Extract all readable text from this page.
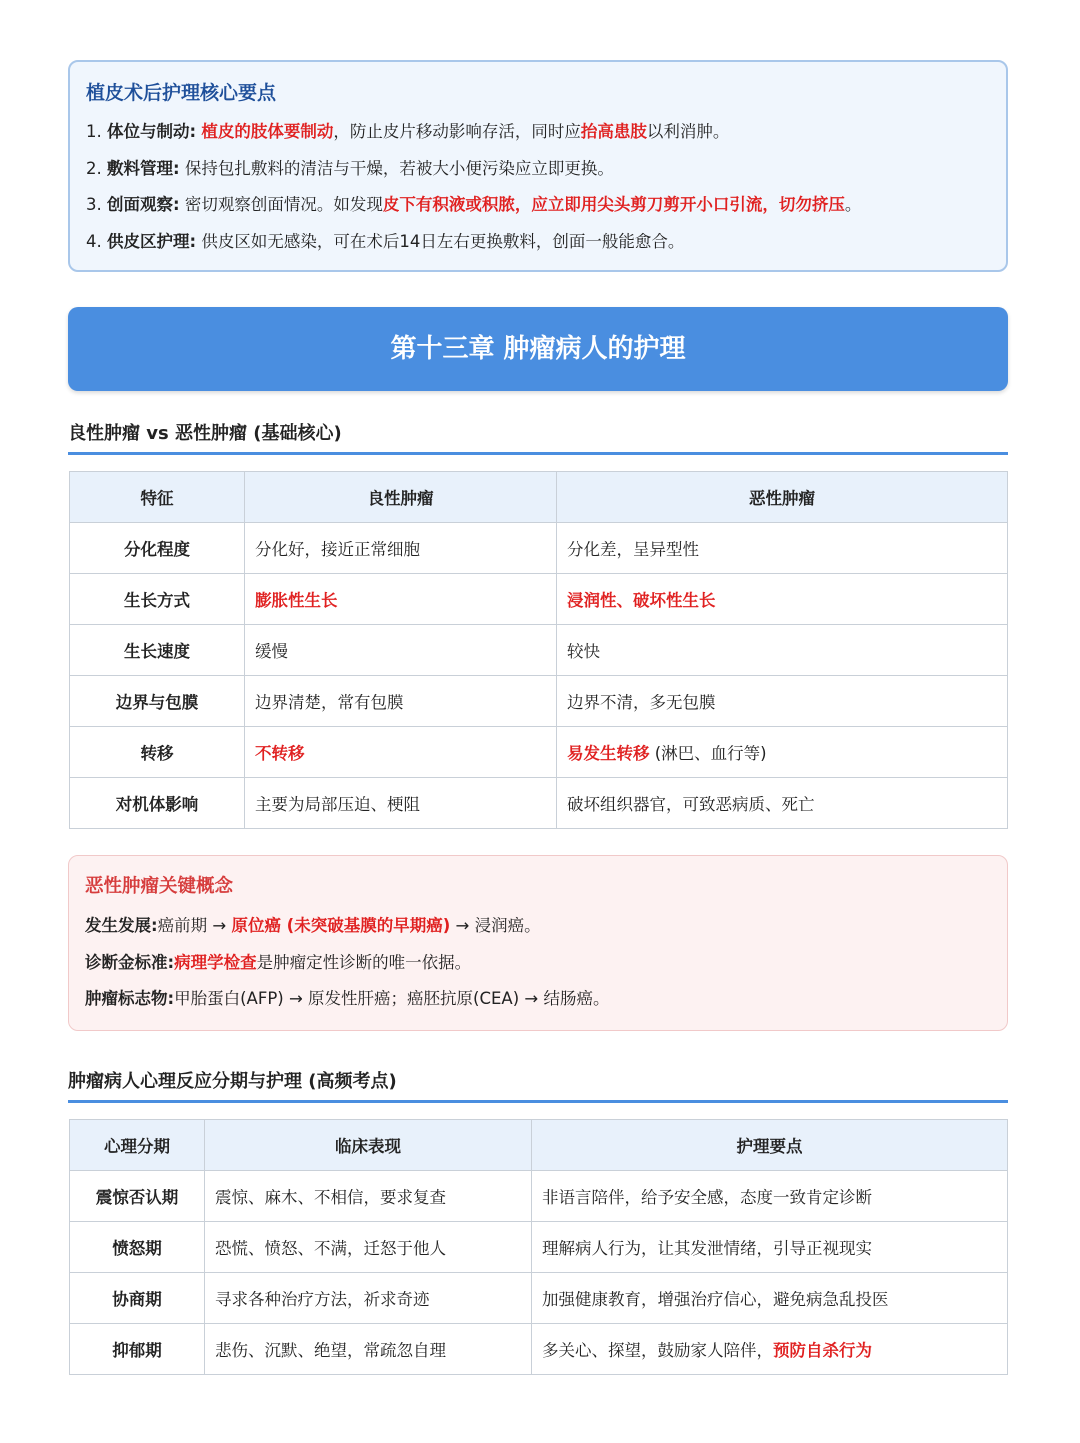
植皮术后护理核心要点
1. 体位与制动: 植皮的肢体要制动，防止皮片移动影响存活，同时应抬高患肢以利消肿。
2. 敷料管理: 保持包扎敷料的清洁与干燥，若被大小便污染应立即更换。
3. 创面观察: 密切观察创面情况。如发现皮下有积液或积脓，应立即用尖头剪刀剪开小口引流，切勿挤压。
4. 供皮区护理: 供皮区如无感染，可在术后14日左右更换敷料，创面一般能愈合。
第十三章 肿瘤病人的护理
良性肿瘤 vs 恶性肿瘤 (基础核心)
特征	良性肿瘤	恶性肿瘤
分化程度	分化好，接近正常细胞	分化差，呈异型性
生长方式	膨胀性生长	浸润性、破坏性生长
生长速度	缓慢	较快
边界与包膜	边界清楚，常有包膜	边界不清，多无包膜
转移	不转移	易发生转移 (淋巴、血行等)
对机体影响	主要为局部压迫、梗阻	破坏组织器官，可致恶病质、死亡
恶性肿瘤关键概念
发生发展:癌前期 → 原位癌 (未突破基膜的早期癌) → 浸润癌。
诊断金标准:病理学检查是肿瘤定性诊断的唯一依据。
肿瘤标志物:甲胎蛋白(AFP) → 原发性肝癌；癌胚抗原(CEA) → 结肠癌。
肿瘤病人心理反应分期与护理 (高频考点)
心理分期	临床表现	护理要点
震惊否认期	震惊、麻木、不相信，要求复查	非语言陪伴，给予安全感，态度一致肯定诊断
愤怒期	恐慌、愤怒、不满，迁怒于他人	理解病人行为，让其发泄情绪，引导正视现实
协商期	寻求各种治疗方法，祈求奇迹	加强健康教育，增强治疗信心，避免病急乱投医
抑郁期	悲伤、沉默、绝望，常疏忽自理	多关心、探望，鼓励家人陪伴，预防自杀行为
